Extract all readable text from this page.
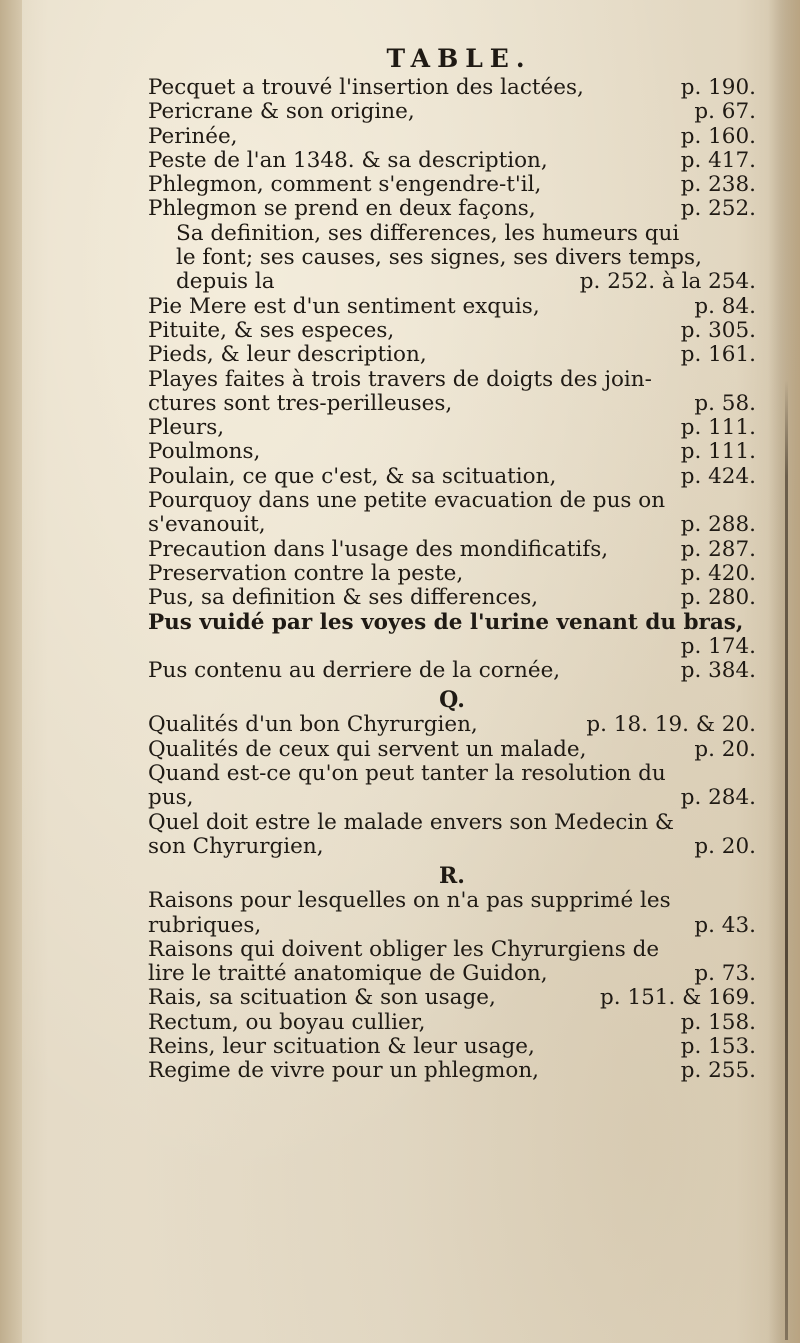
TABLE.
Pecquet a trouvé l'insertion des lactées,	p. 190.
Pericrane & son origine,	p. 67.
Perinée,	p. 160.
Peste de l'an 1348. & sa description,	p. 417.
Phlegmon, comment s'engendre-t'il,	p. 238.
Phlegmon se prend en deux façons,	p. 252.
Sa definition, ses differences, les humeurs qui
le font; ses causes, ses signes, ses divers temps,
depuis la	p. 252. à la 254.
Pie Mere est d'un sentiment exquis,	p. 84.
Pituite, & ses especes,	p. 305.
Pieds, & leur description,	p. 161.
Playes faites à trois travers de doigts des join-
ctures sont tres-perilleuses,	p. 58.
Pleurs,	p. 111.
Poulmons,	p. 111.
Poulain, ce que c'est, & sa scituation,	p. 424.
Pourquoy dans une petite evacuation de pus on
s'evanouit,	p. 288.
Precaution dans l'usage des mondificatifs,	p. 287.
Preservation contre la peste,	p. 420.
Pus, sa definition & ses differences,	p. 280.
Pus vuidé par les voyes de l'urine venant du bras,
p. 174.
Pus contenu au derriere de la cornée,	p. 384.
Q.
Qualités d'un bon Chyrurgien,	p. 18. 19. & 20.
Qualités de ceux qui servent un malade,	p. 20.
Quand est-ce qu'on peut tanter la resolution du
pus,	p. 284.
Quel doit estre le malade envers son Medecin &
son Chyrurgien,	p. 20.
R.
Raisons pour lesquelles on n'a pas supprimé les
rubriques,	p. 43.
Raisons qui doivent obliger les Chyrurgiens de
lire le traitté anatomique de Guidon,	p. 73.
Rais, sa scituation & son usage,	p. 151. & 169.
Rectum, ou boyau cullier,	p. 158.
Reins, leur scituation & leur usage,	p. 153.
Regime de vivre pour un phlegmon,	p. 255.
